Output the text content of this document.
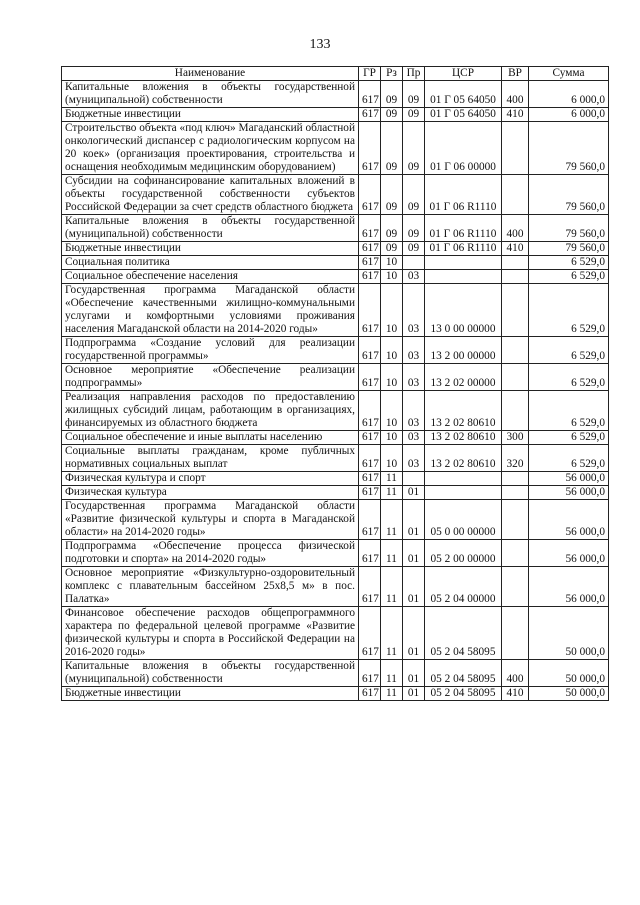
133
Наименование	ГР	Рз	Пр	ЦСР	ВР	Сумма
Капитальные вложения в объекты государственной (муниципальной) собственности	617	09	09	01 Г 05 64050	400	6 000,0
Бюджетные инвестиции	617	09	09	01 Г 05 64050	410	6 000,0
Строительство объекта «под ключ» Магаданский областной онкологический диспансер с радиологическим корпусом на 20 коек» (организация проектирования, строительства и оснащения необходимым медицинским оборудованием)	617	09	09	01 Г 06 00000		79 560,0
Субсидии на софинансирование капитальных вложений в объекты государственной собственности субъектов Российской Федерации за счет средств областного бюджета	617	09	09	01 Г 06 R1110		79 560,0
Капитальные вложения в объекты государственной (муниципальной) собственности	617	09	09	01 Г 06 R1110	400	79 560,0
Бюджетные инвестиции	617	09	09	01 Г 06 R1110	410	79 560,0
Социальная политика	617	10				6 529,0
Социальное обеспечение населения	617	10	03			6 529,0
Государственная программа Магаданской области «Обеспечение качественными жилищно-коммунальными услугами и комфортными условиями проживания населения Магаданской области на 2014-2020 годы»	617	10	03	13 0 00 00000		6 529,0
Подпрограмма «Создание условий для реализации государственной программы»	617	10	03	13 2 00 00000		6 529,0
Основное мероприятие «Обеспечение реализации подпрограммы»	617	10	03	13 2 02 00000		6 529,0
Реализация направления расходов по предоставлению жилищных субсидий лицам, работающим в организациях, финансируемых из областного бюджета	617	10	03	13 2 02 80610		6 529,0
Социальное обеспечение и иные выплаты населению	617	10	03	13 2 02 80610	300	6 529,0
Социальные выплаты гражданам, кроме публичных нормативных социальных выплат	617	10	03	13 2 02 80610	320	6 529,0
Физическая культура и спорт	617	11				56 000,0
Физическая культура	617	11	01			56 000,0
Государственная программа Магаданской области «Развитие физической культуры и спорта в Магаданской области» на 2014-2020 годы»	617	11	01	05 0 00 00000		56 000,0
Подпрограмма «Обеспечение процесса физической подготовки и спорта» на 2014-2020 годы»	617	11	01	05 2 00 00000		56 000,0
Основное мероприятие «Физкультурно-оздоровительный комплекс с плавательным бассейном 25х8,5 м» в пос. Палатка»	617	11	01	05 2 04 00000		56 000,0
Финансовое обеспечение расходов общепрограммного характера по федеральной целевой программе «Развитие физической культуры и спорта в Российской Федерации на 2016-2020 годы»	617	11	01	05 2 04 58095		50 000,0
Капитальные вложения в объекты государственной (муниципальной) собственности	617	11	01	05 2 04 58095	400	50 000,0
Бюджетные инвестиции	617	11	01	05 2 04 58095	410	50 000,0
